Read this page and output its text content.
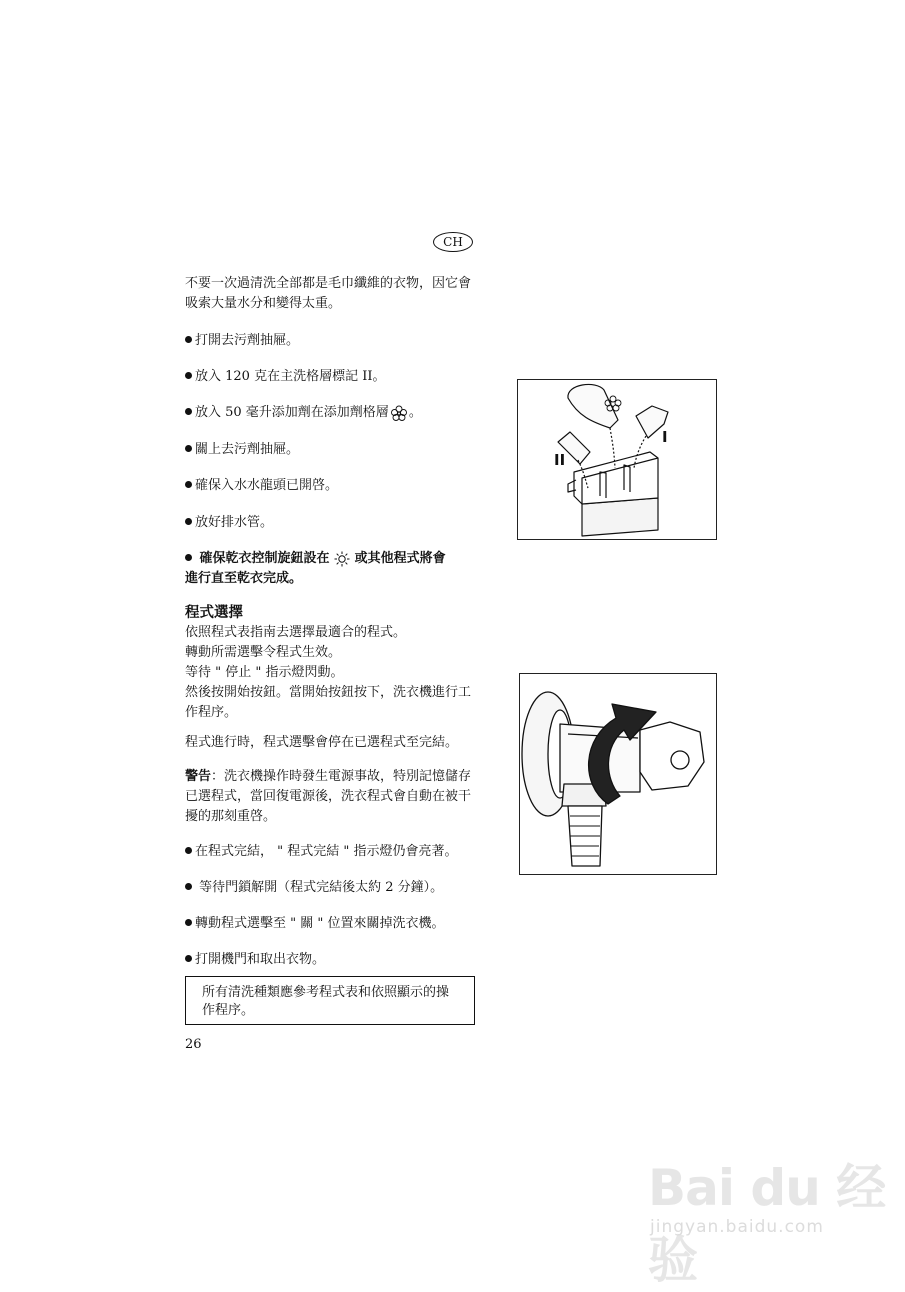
CH

不要一次過清洗全部都是毛巾纖維的衣物，因它會吸索大量水分和變得太重。

打開去污劑抽屜。
放入 120 克在主洗格層標記 II。
放入 50 毫升添加劑在添加劑格層 。
關上去污劑抽屜。
確保入水水龍頭已開啓。
放好排水管。
確保乾衣控制旋鈕設在 或其他程式將會
進行直至乾衣完成。
程式選擇
依照程式表指南去選擇最適合的程式。
轉動所需選擊令程式生效。
等待 " 停止 " 指示燈閃動。
然後按開始按鈕。當開始按鈕按下，洗衣機進行工作程序。

程式進行時，程式選擊會停在已選程式至完結。

警告：洗衣機操作時發生電源事故，特別記憶儲存已選程式，當回復電源後，洗衣程式會自動在被干擾的那刻重啓。

在程式完結， " 程式完結 " 指示燈仍會亮著。
等待門鎖解開（程式完結後太約 2 分鐘）。
轉動程式選擊至 " 關 " 位置來關掉洗衣機。
打開機門和取出衣物。
所有清洗種類應參考程式表和依照顯示的操作程序。
26
II
I
Bai du 经验
jingyan.baidu.com
